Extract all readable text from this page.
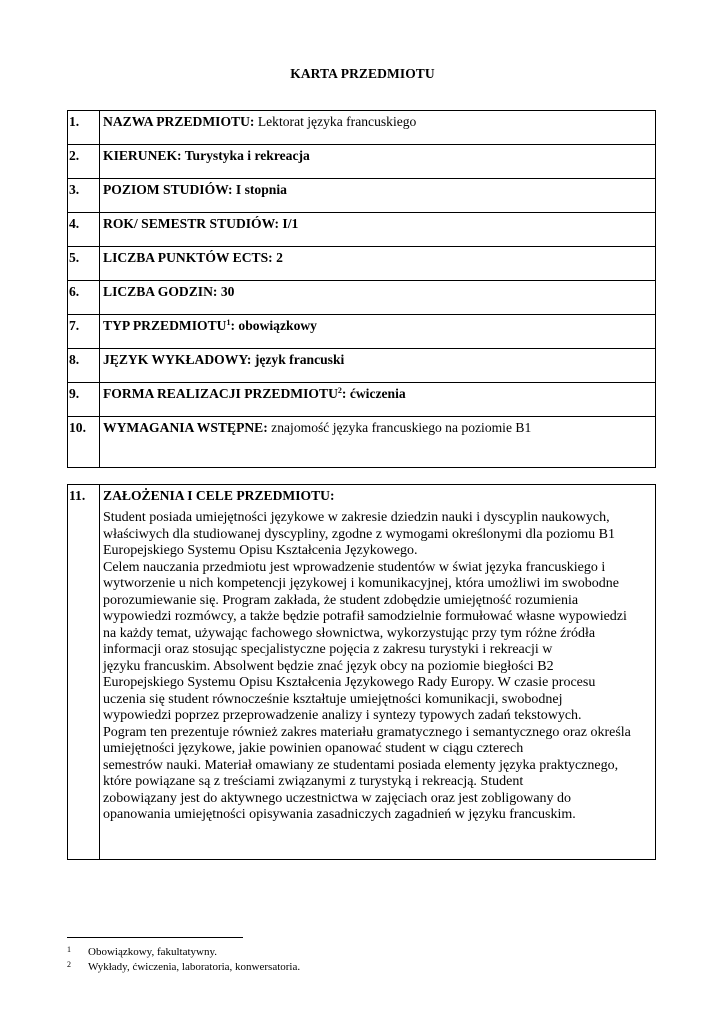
KARTA PRZEDMIOTU
1.	NAZWA PRZEDMIOTU: Lektorat języka francuskiego
2.	KIERUNEK: Turystyka i rekreacja
3.	POZIOM STUDIÓW: I stopnia
4.	ROK/ SEMESTR STUDIÓW: I/1
5.	LICZBA PUNKTÓW ECTS: 2
6.	LICZBA GODZIN: 30
7.	TYP PRZEDMIOTU$^1$: obowiązkowy
8.	JĘZYK WYKŁADOWY: język francuski
9.	FORMA REALIZACJI PRZEDMIOTU$^2$: ćwiczenia
10.	WYMAGANIA WSTĘPNE: znajomość języka francuskiego na poziomie B1
11.	ZAŁOŻENIA I CELE PRZEDMIOTU:
Student posiada umiejętności językowe w zakresie dziedzin nauki i dyscyplin naukowych,
właściwych dla studiowanej dyscypliny, zgodne z wymogami określonymi dla poziomu B1
Europejskiego Systemu Opisu Kształcenia Językowego.
Celem nauczania przedmiotu jest wprowadzenie studentów w świat języka francuskiego i
wytworzenie u nich kompetencji językowej i komunikacyjnej, która umożliwi im swobodne
porozumiewanie się. Program zakłada, że student zdobędzie umiejętność rozumienia
wypowiedzi rozmówcy, a także będzie potrafił samodzielnie formułować własne wypowiedzi
na każdy temat, używając fachowego słownictwa, wykorzystując przy tym różne źródła
informacji oraz stosując specjalistyczne pojęcia z zakresu turystyki i rekreacji w
języku francuskim. Absolwent będzie znać język obcy na poziomie biegłości B2
Europejskiego Systemu Opisu Kształcenia Językowego Rady Europy. W czasie procesu
uczenia się student równocześnie kształtuje umiejętności komunikacji, swobodnej
wypowiedzi poprzez przeprowadzenie analizy i syntezy typowych zadań tekstowych.
Pogram ten prezentuje również zakres materiału gramatycznego i semantycznego oraz określa
umiejętności językowe, jakie powinien opanować student w ciągu czterech
semestrów nauki. Materiał omawiany ze studentami posiada elementy języka praktycznego,
które powiązane są z treściami związanymi z turystyką i rekreacją. Student
zobowiązany jest do aktywnego uczestnictwa w zajęciach oraz jest zobligowany do
opanowania umiejętności opisywania zasadniczych zagadnień w języku francuskim.
1 Obowiązkowy, fakultatywny.
2 Wykłady, ćwiczenia, laboratoria, konwersatoria.
